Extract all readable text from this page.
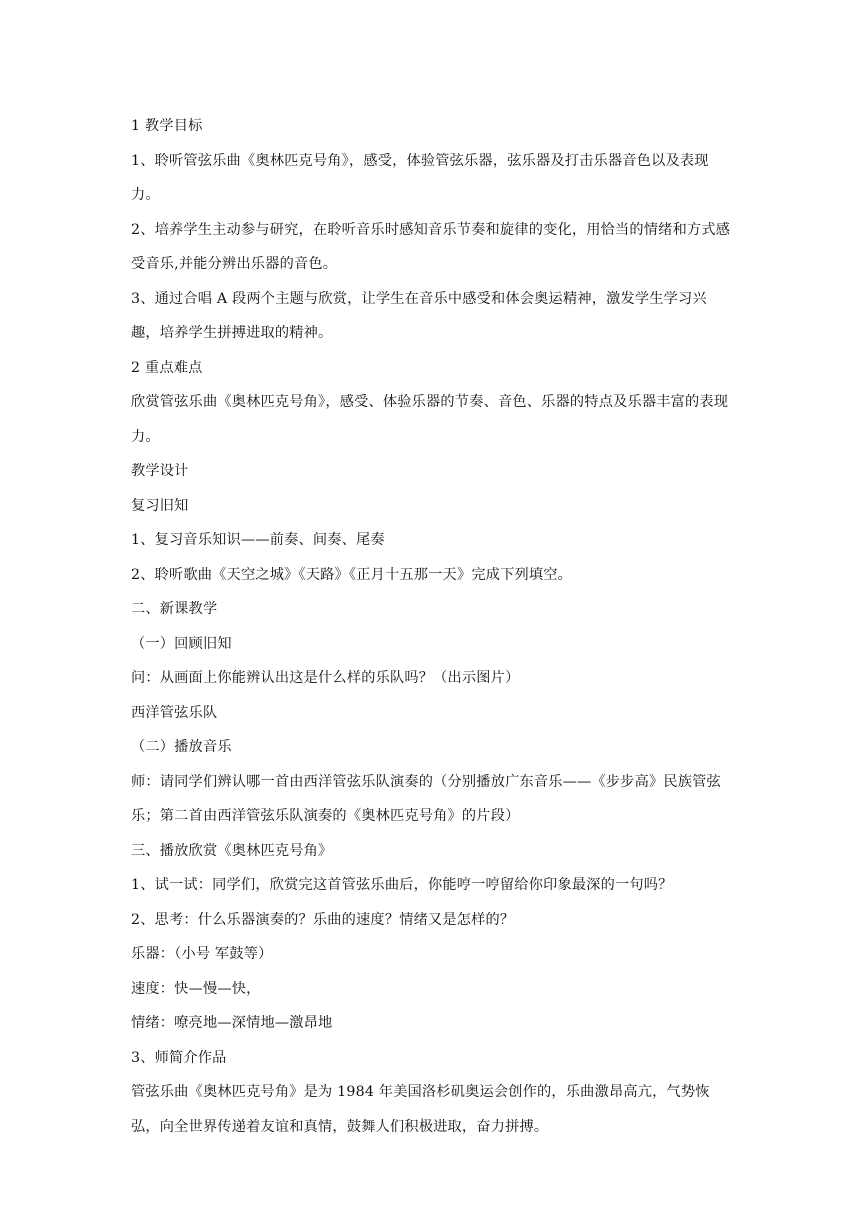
1 教学目标

1、聆听管弦乐曲《奥林匹克号角》，感受，体验管弦乐器，弦乐器及打击乐器音色以及表现力。

2、培养学生主动参与研究，在聆听音乐时感知音乐节奏和旋律的变化，用恰当的情绪和方式感受音乐,并能分辨出乐器的音色。

3、通过合唱 A 段两个主题与欣赏，让学生在音乐中感受和体会奥运精神，激发学生学习兴趣，培养学生拼搏进取的精神。

2 重点难点

欣赏管弦乐曲《奥林匹克号角》，感受、体验乐器的节奏、音色、乐器的特点及乐器丰富的表现力。

教学设计

复习旧知

1、复习音乐知识——前奏、间奏、尾奏

2、聆听歌曲《天空之城》《天路》《正月十五那一天》完成下列填空。

二、新课教学

（一）回顾旧知

问：从画面上你能辨认出这是什么样的乐队吗？（出示图片）

西洋管弦乐队

（二）播放音乐

师：请同学们辨认哪一首由西洋管弦乐队演奏的（分别播放广东音乐——《步步高》民族管弦乐；第二首由西洋管弦乐队演奏的《奥林匹克号角》的片段）

三、播放欣赏《奥林匹克号角》

1、试一试：同学们，欣赏完这首管弦乐曲后，你能哼一哼留给你印象最深的一句吗？

2、思考：什么乐器演奏的？乐曲的速度？情绪又是怎样的？

乐器：（小号 军鼓等）

速度：快—慢—快，

情绪：嘹亮地—深情地—激昂地

3、师简介作品

管弦乐曲《奥林匹克号角》是为 1984 年美国洛杉矶奥运会创作的，乐曲激昂高亢，气势恢弘，向全世界传递着友谊和真情，鼓舞人们积极进取，奋力拼搏。
